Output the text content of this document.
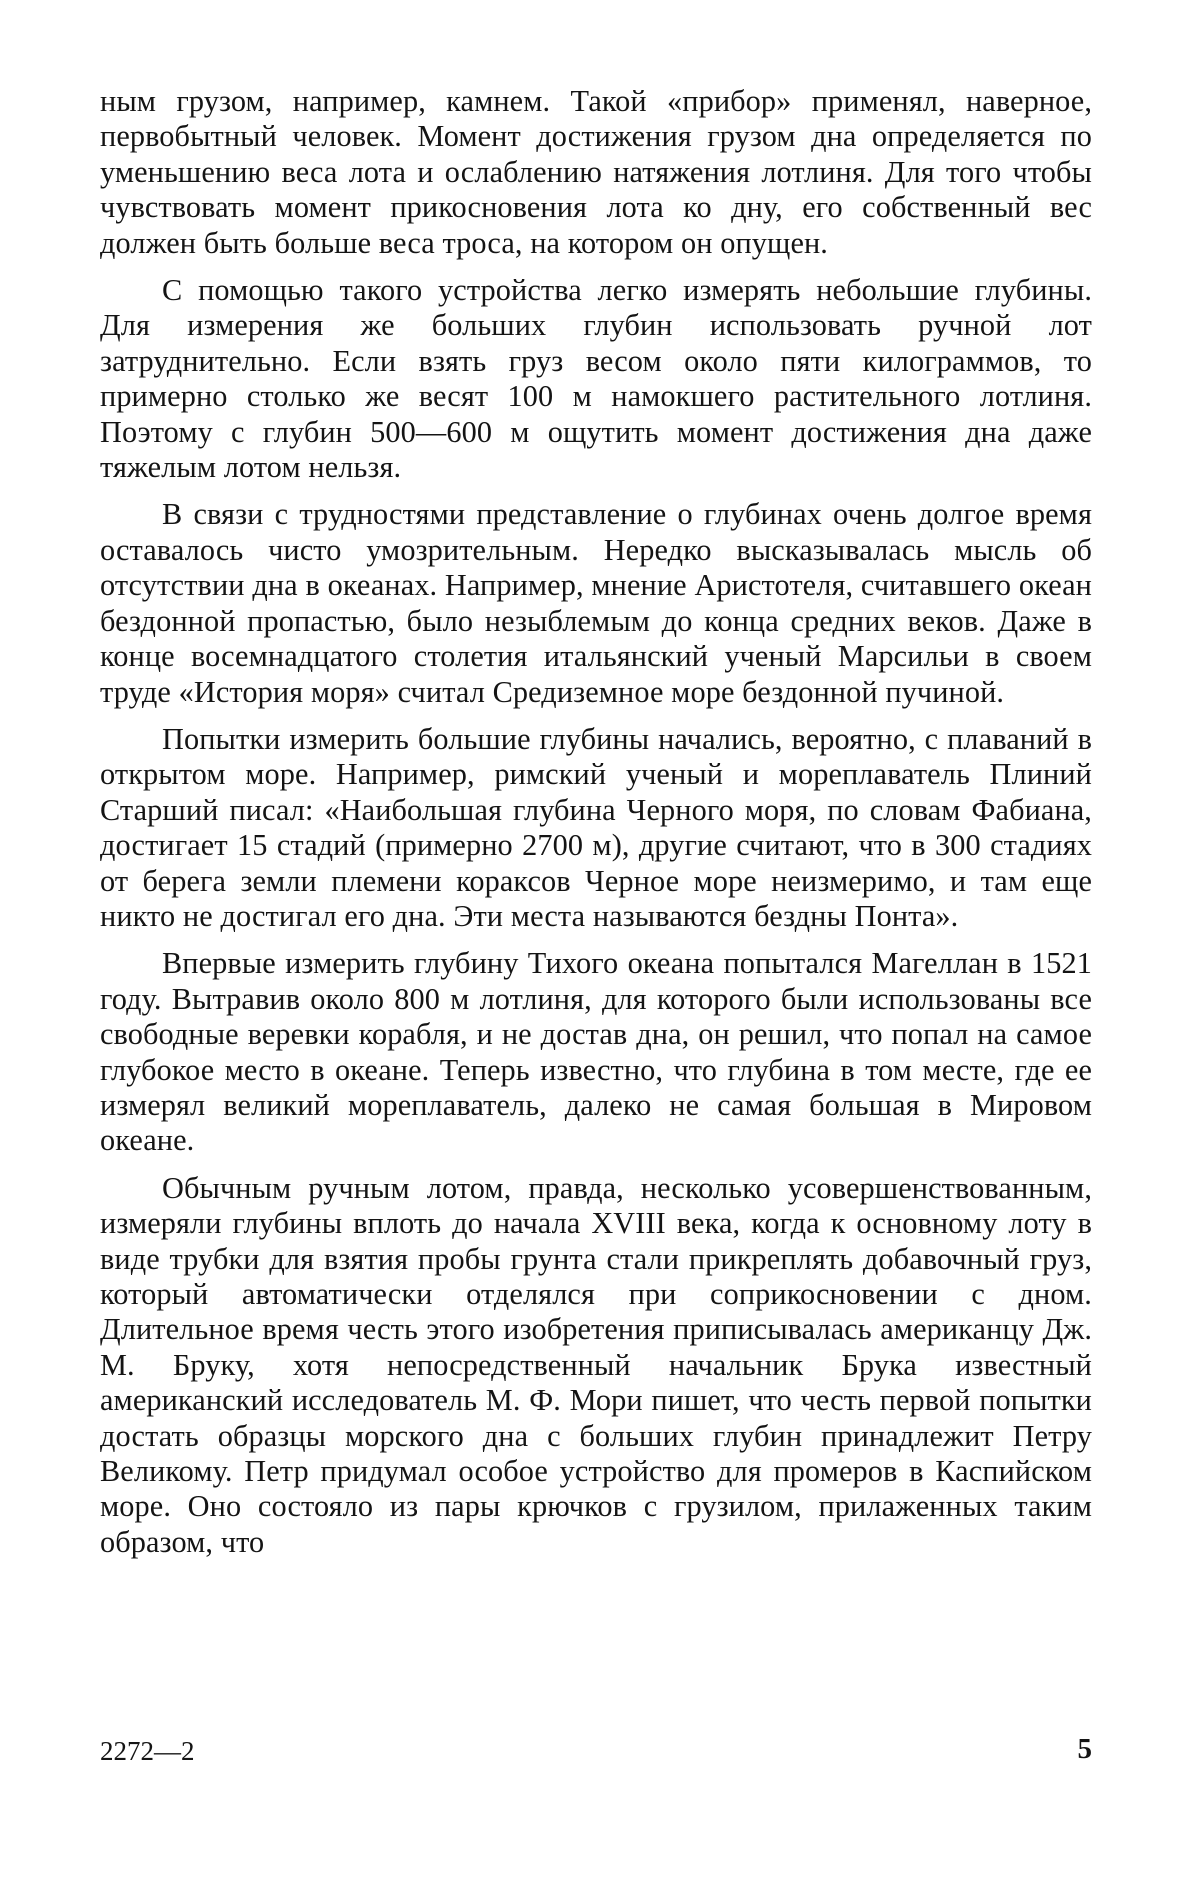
ным грузом, например, камнем. Такой «прибор» применял, наверное, первобытный человек. Момент достижения грузом дна определяется по уменьшению веса лота и ослаблению натяжения лотлиня. Для того чтобы чувствовать момент прикосновения лота ко дну, его собственный вес должен быть больше веса троса, на котором он опущен.

С помощью такого устройства легко измерять небольшие глубины. Для измерения же больших глубин использовать ручной лот затруднительно. Если взять груз весом около пяти килограммов, то примерно столько же весят 100 м намокшего растительного лотлиня. Поэтому с глубин 500—600 м ощутить момент достижения дна даже тяжелым лотом нельзя.

В связи с трудностями представление о глубинах очень долгое время оставалось чисто умозрительным. Нередко высказывалась мысль об отсутствии дна в океанах. Например, мнение Аристотеля, считавшего океан бездонной пропастью, было незыблемым до конца средних веков. Даже в конце восемнадцатого столетия итальянский ученый Марсильи в своем труде «История моря» считал Средиземное море бездонной пучиной.

Попытки измерить большие глубины начались, вероятно, с плаваний в открытом море. Например, римский ученый и мореплаватель Плиний Старший писал: «Наибольшая глубина Черного моря, по словам Фабиана, достигает 15 стадий (примерно 2700 м), другие считают, что в 300 стадиях от берега земли племени кораксов Черное море неизмеримо, и там еще никто не достигал его дна. Эти места называются бездны Понта».

Впервые измерить глубину Тихого океана попытался Магеллан в 1521 году. Вытравив около 800 м лотлиня, для которого были использованы все свободные веревки корабля, и не достав дна, он решил, что попал на самое глубокое место в океане. Теперь известно, что глубина в том месте, где ее измерял великий мореплаватель, далеко не самая большая в Мировом океане.

Обычным ручным лотом, правда, несколько усовершенствованным, измеряли глубины вплоть до начала XVIII века, когда к основному лоту в виде трубки для взятия пробы грунта стали прикреплять добавочный груз, который автоматически отделялся при соприкосновении с дном. Длительное время честь этого изобретения приписывалась американцу Дж. М. Бруку, хотя непосредственный начальник Брука известный американский исследователь М. Ф. Мори пишет, что честь первой попытки достать образцы морского дна с больших глубин принадлежит Петру Великому. Петр придумал особое устройство для промеров в Каспийском море. Оно состояло из пары крючков с грузилом, прилаженных таким образом, что

2272—2	5
